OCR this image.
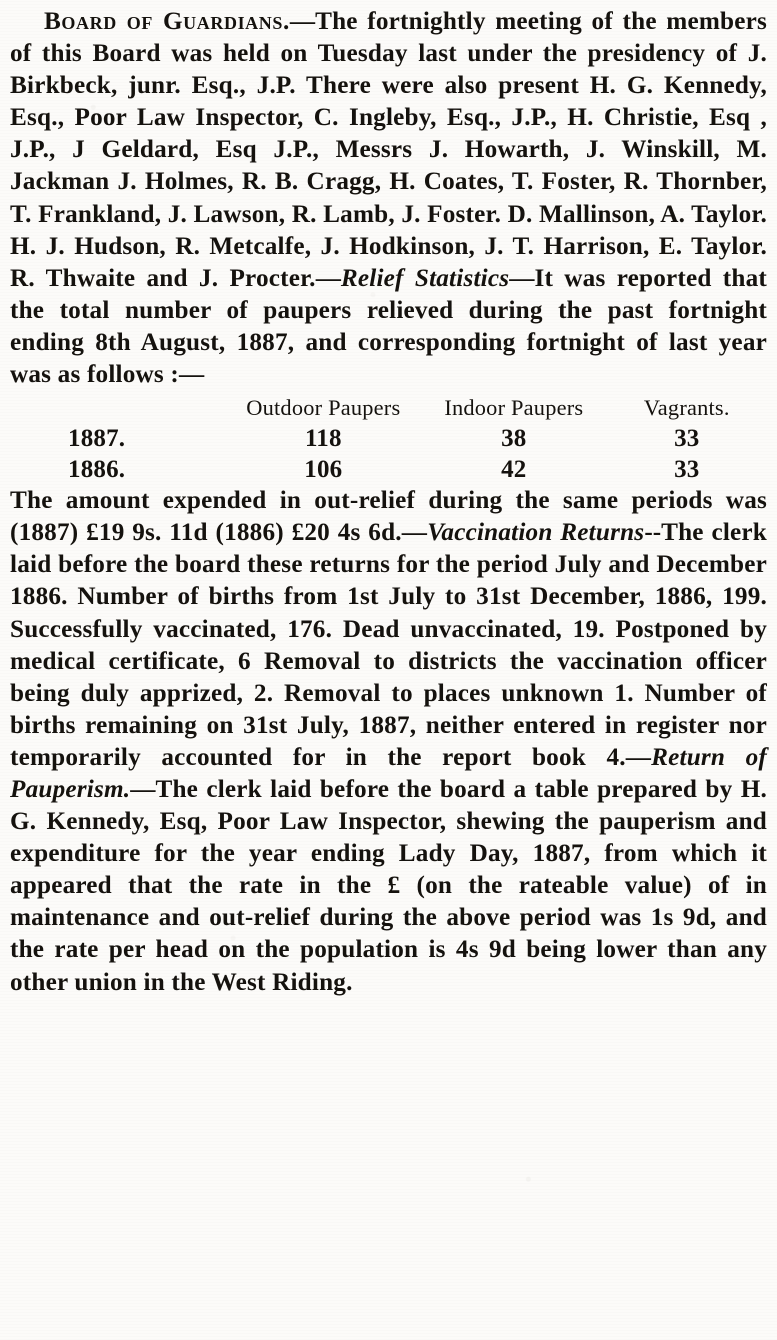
Board of Guardians.—The fortnightly meeting of the members of this Board was held on Tuesday last under the presidency of J. Birkbeck, junr. Esq., J.P. There were also present H. G. Kennedy, Esq., Poor Law Inspector, C. Ingleby, Esq., J.P., H. Christie, Esq , J.P., J Geldard, Esq J.P., Messrs J. Howarth, J. Winskill, M. Jackman J. Holmes, R. B. Cragg, H. Coates, T. Foster, R. Thornber, T. Frankland, J. Lawson, R. Lamb, J. Foster. D. Mallinson, A. Taylor. H. J. Hudson, R. Metcalfe, J. Hodkinson, J. T. Harrison, E. Taylor. R. Thwaite and J. Procter.—Relief Statistics—It was reported that the total number of paupers relieved during the past fortnight ending 8th August, 1887, and corresponding fortnight of last year was as follows :—

	Outdoor Paupers	Indoor Paupers	Vagrants.
1887.	118	38	33
1886.	106	42	33

The amount expended in out-relief during the same periods was (1887) £19 9s. 11d (1886) £20 4s 6d.—Vaccination Returns--The clerk laid before the board these returns for the period July and December 1886. Number of births from 1st July to 31st December, 1886, 199. Successfully vaccinated, 176. Dead unvaccinated, 19. Postponed by medical certificate, 6 Removal to districts the vaccination officer being duly apprized, 2. Removal to places unknown 1. Number of births remaining on 31st July, 1887, neither entered in register nor temporarily accounted for in the report book 4.—Return of Pauperism.—The clerk laid before the board a table prepared by H. G. Kennedy, Esq, Poor Law Inspector, shewing the pauperism and expenditure for the year ending Lady Day, 1887, from which it appeared that the rate in the £ (on the rateable value) of in maintenance and out-relief during the above period was 1s 9d, and the rate per head on the population is 4s 9d being lower than any other union in the West Riding.
